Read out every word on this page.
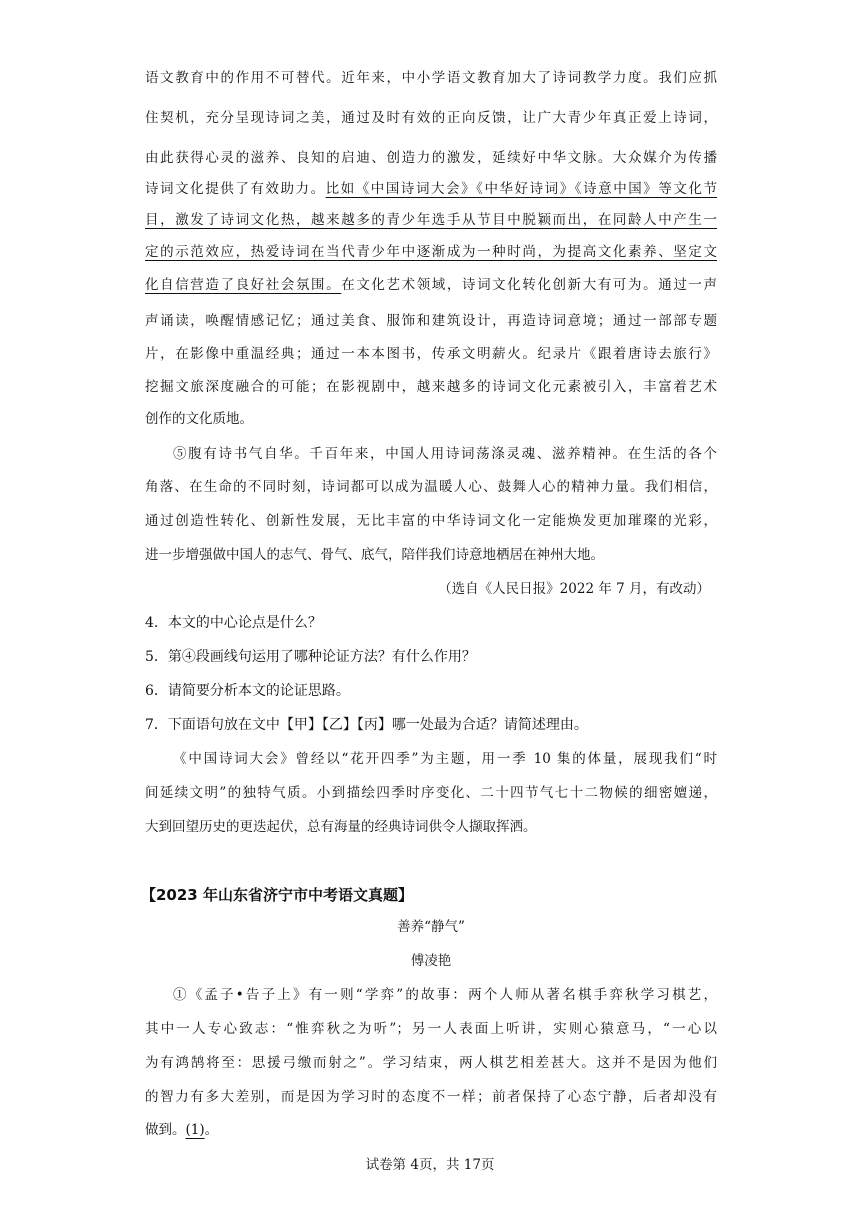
语文教育中的作用不可替代。近年来，中小学语文教育加大了诗词教学力度。我们应抓
住契机，充分呈现诗词之美，通过及时有效的正向反馈，让广大青少年真正爱上诗词，
由此获得心灵的滋养、良知的启迪、创造力的激发，延续好中华文脉。大众媒介为传播
诗词文化提供了有效助力。比如《中国诗词大会》《中华好诗词》《诗意中国》等文化节
目，激发了诗词文化热，越来越多的青少年选手从节目中脱颖而出，在同龄人中产生一
定的示范效应，热爱诗词在当代青少年中逐渐成为一种时尚，为提高文化素养、坚定文
化自信营造了良好社会氛围。在文化艺术领域，诗词文化转化创新大有可为。通过一声
声诵读，唤醒情感记忆；通过美食、服饰和建筑设计，再造诗词意境；通过一部部专题
片，在影像中重温经典；通过一本本图书，传承文明薪火。纪录片《跟着唐诗去旅行》
挖掘文旅深度融合的可能；在影视剧中，越来越多的诗词文化元素被引入，丰富着艺术
创作的文化质地。
⑤腹有诗书气自华。千百年来，中国人用诗词荡涤灵魂、滋养精神。在生活的各个
角落、在生命的不同时刻，诗词都可以成为温暖人心、鼓舞人心的精神力量。我们相信，
通过创造性转化、创新性发展，无比丰富的中华诗词文化一定能焕发更加璀璨的光彩，
进一步增强做中国人的志气、骨气、底气，陪伴我们诗意地栖居在神州大地。
（选自《人民日报》2022 年 7 月，有改动）
4．本文的中心论点是什么？
5．第④段画线句运用了哪种论证方法？有什么作用？
6．请简要分析本文的论证思路。
7．下面语句放在文中【甲】【乙】【丙】哪一处最为合适？请简述理由。
《中国诗词大会》曾经以“花开四季”为主题，用一季 10 集的体量，展现我们“时
间延续文明”的独特气质。小到描绘四季时序变化、二十四节气七十二物候的细密嬗递，
大到回望历史的更迭起伏，总有海量的经典诗词供令人撷取挥洒。
【2023 年山东省济宁市中考语文真题】
善养“静气”
傅凌艳
①《孟子•告子上》有一则“学弈”的故事：两个人师从著名棋手弈秋学习棋艺，
其中一人专心致志：“惟弈秋之为听”；另一人表面上听讲，实则心猿意马，“一心以
为有鸿鹄将至：思援弓缴而射之”。学习结束，两人棋艺相差甚大。这并不是因为他们
的智力有多大差别，而是因为学习时的态度不一样；前者保持了心态宁静，后者却没有
做到。(1)。
试卷第 4页，共 17页
